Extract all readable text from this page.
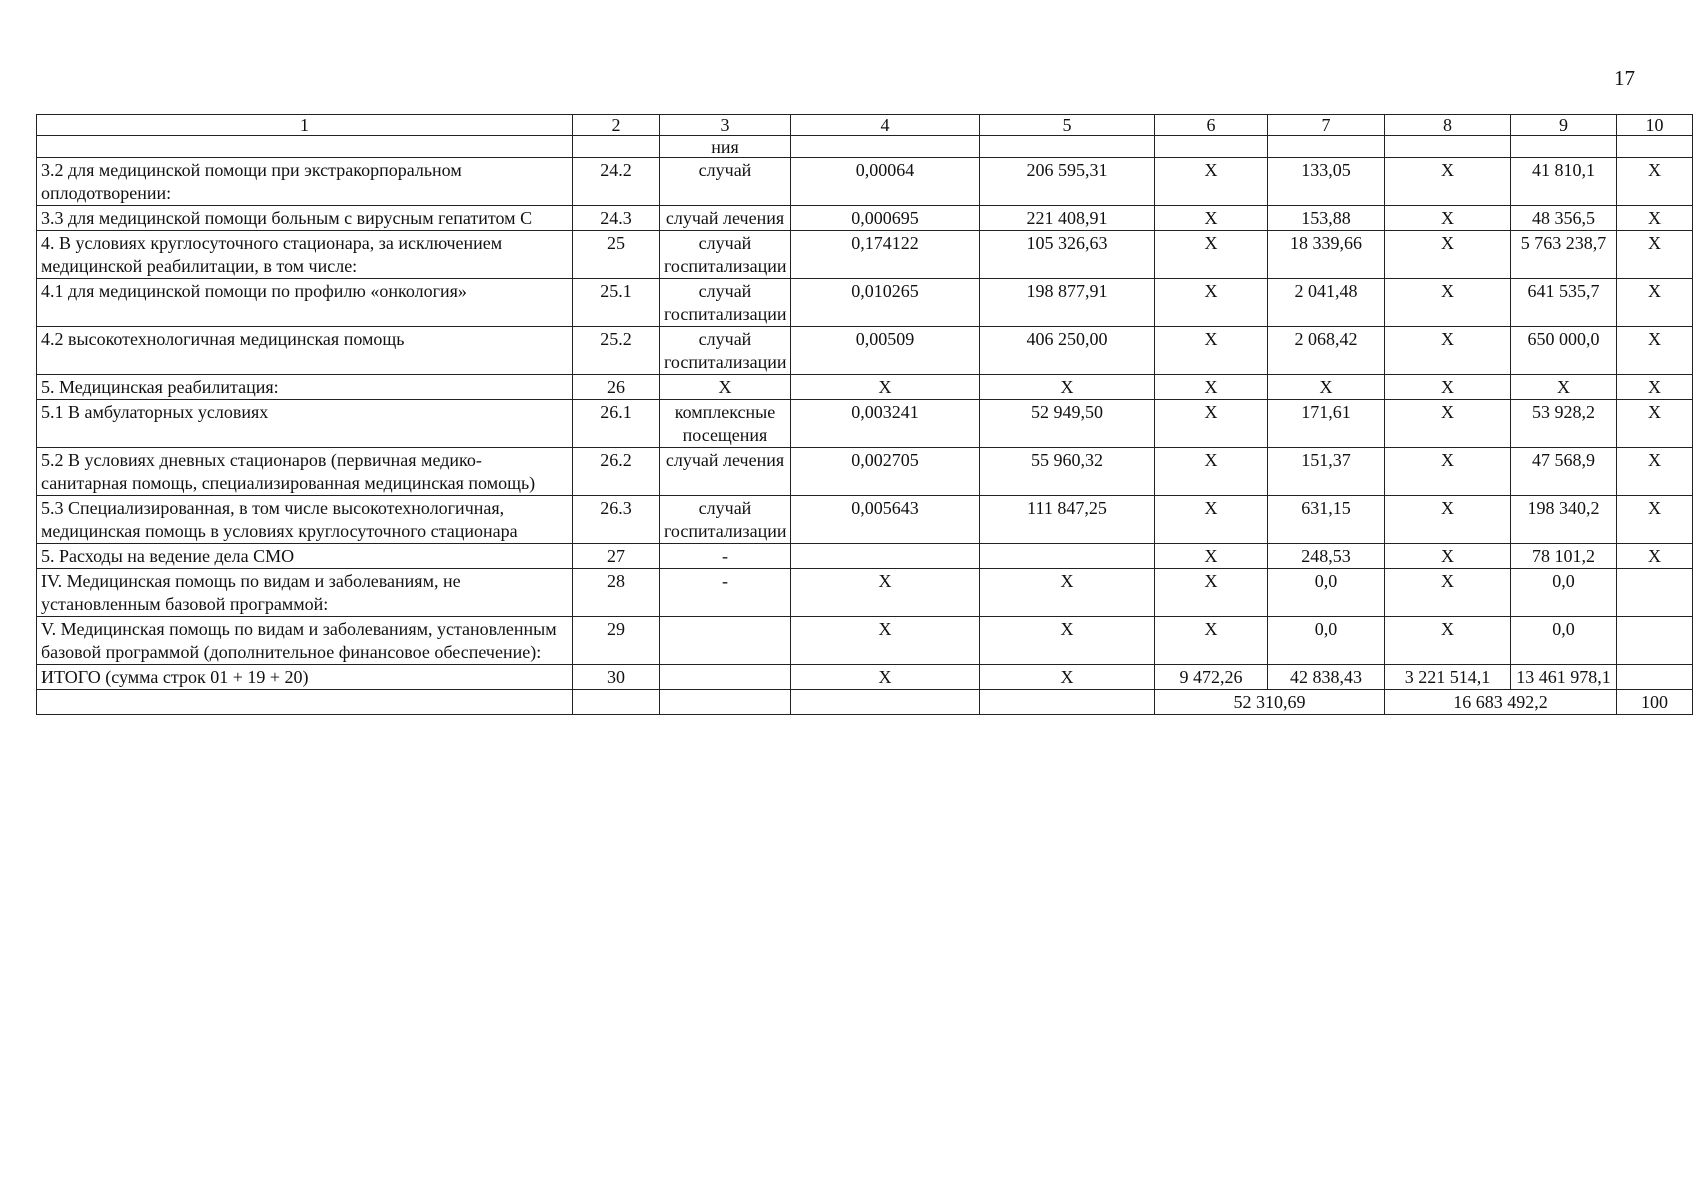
17
1	2	3	4	5	6	7	8	9	10
		ния							
3.2 для медицинской помощи при экстракорпоральном оплодотворении:	24.2	случай	0,00064	206 595,31	Х	133,05	Х	41 810,1	Х
3.3 для медицинской помощи больным с вирусным гепатитом С	24.3	случай лечения	0,000695	221 408,91	Х	153,88	Х	48 356,5	Х
4. В условиях круглосуточного стационара, за исключением медицинской реабилитации, в том числе:	25	случай госпитализации	0,174122	105 326,63	Х	18 339,66	Х	5 763 238,7	Х
4.1 для медицинской помощи по профилю «онкология»	25.1	случай госпитализации	0,010265	198 877,91	Х	2 041,48	Х	641 535,7	Х
4.2 высокотехнологичная медицинская помощь	25.2	случай госпитализации	0,00509	406 250,00	Х	2 068,42	Х	650 000,0	Х
5. Медицинская реабилитация:	26	Х	Х	Х	Х	Х	Х	Х	Х
5.1 В амбулаторных условиях	26.1	комплексные посещения	0,003241	52 949,50	Х	171,61	Х	53 928,2	Х
5.2 В условиях дневных стационаров (первичная медико-санитарная помощь, специализированная медицинская помощь)	26.2	случай лечения	0,002705	55 960,32	Х	151,37	Х	47 568,9	Х
5.3 Специализированная, в том числе высокотехнологичная, медицинская помощь в условиях круглосуточного стационара	26.3	случай госпитализации	0,005643	111 847,25	Х	631,15	Х	198 340,2	Х
5. Расходы на ведение дела СМО	27	-			Х	248,53	Х	78 101,2	Х
IV. Медицинская помощь по видам и заболеваниям, не установленным базовой программой:	28	-	Х	Х	Х	0,0	Х	0,0	
V. Медицинская помощь по видам и заболеваниям, установленным базовой программой (дополнительное финансовое обеспечение):	29		Х	Х	Х	0,0	Х	0,0	
ИТОГО (сумма строк 01 + 19 + 20)	30		Х	Х	9 472,26	42 838,43	3 221 514,1	13 461 978,1	
					52 310,69		16 683 492,2		100
